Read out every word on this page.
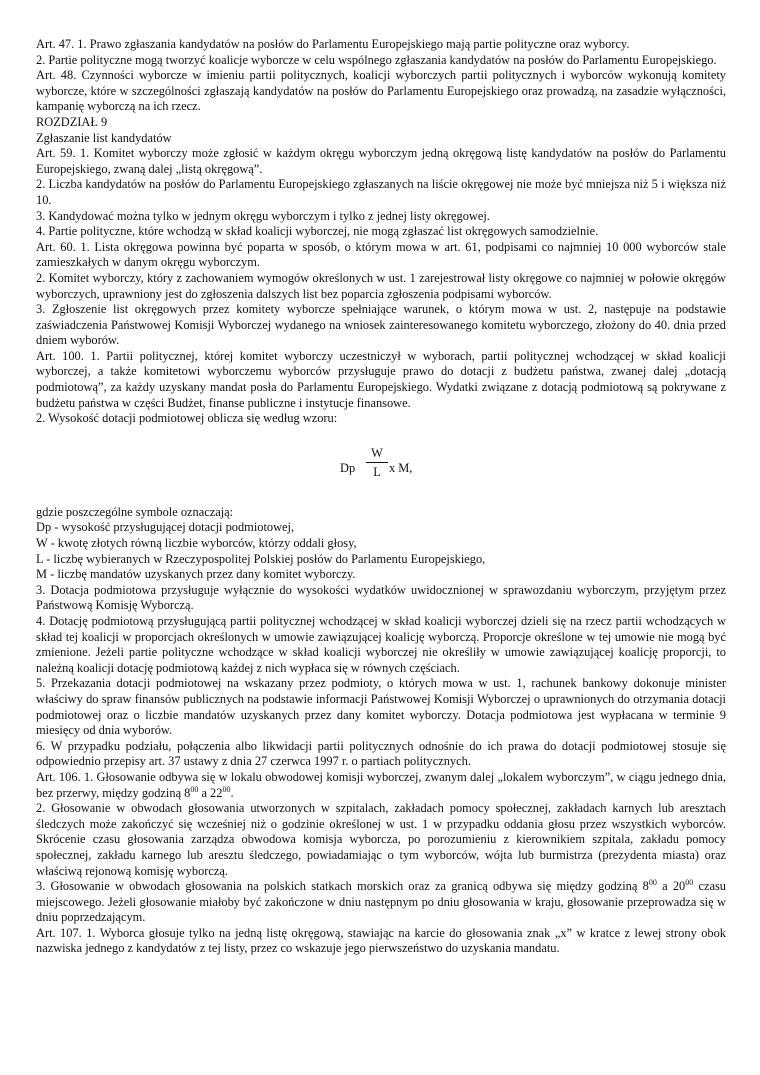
Art. 47. 1. Prawo zgłaszania kandydatów na posłów do Parlamentu Europejskiego mają partie polityczne oraz wyborcy.

2. Partie polityczne mogą tworzyć koalicje wyborcze w celu wspólnego zgłaszania kandydatów na posłów do Parlamentu Europejskiego.

Art. 48. Czynności wyborcze w imieniu partii politycznych, koalicji wyborczych partii politycznych i wyborców wykonują komitety wyborcze, które w szczególności zgłaszają kandydatów na posłów do Parlamentu Europejskiego oraz prowadzą, na zasadzie wyłączności, kampanię wyborczą na ich rzecz.

ROZDZIAŁ 9

Zgłaszanie list kandydatów

Art. 59. 1. Komitet wyborczy może zgłosić w każdym okręgu wyborczym jedną okręgową listę kandydatów na posłów do Parlamentu Europejskiego, zwaną dalej „listą okręgową”.

2. Liczba kandydatów na posłów do Parlamentu Europejskiego zgłaszanych na liście okręgowej nie może być mniejsza niż 5 i większa niż 10.

3. Kandydować można tylko w jednym okręgu wyborczym i tylko z jednej listy okręgowej.

4. Partie polityczne, które wchodzą w skład koalicji wyborczej, nie mogą zgłaszać list okręgowych samodzielnie.

Art. 60. 1. Lista okręgowa powinna być poparta w sposób, o którym mowa w art. 61, podpisami co najmniej 10 000 wyborców stale zamieszkałych w danym okręgu wyborczym.

2. Komitet wyborczy, który z zachowaniem wymogów określonych w ust. 1 zarejestrował listy okręgowe co najmniej w połowie okręgów wyborczych, uprawniony jest do zgłoszenia dalszych list bez poparcia zgłoszenia podpisami wyborców.

3. Zgłoszenie list okręgowych przez komitety wyborcze spełniające warunek, o którym mowa w ust. 2, następuje na podstawie zaświadczenia Państwowej Komisji Wyborczej wydanego na wniosek zainteresowanego komitetu wyborczego, złożony do 40. dnia przed dniem wyborów.

Art. 100. 1. Partii politycznej, której komitet wyborczy uczestniczył w wyborach, partii politycznej wchodzącej w skład koalicji wyborczej, a także komitetowi wyborczemu wyborców przysługuje prawo do dotacji z budżetu państwa, zwanej dalej „dotacją podmiotową”, za każdy uzyskany mandat posła do Parlamentu Europejskiego. Wydatki związane z dotacją podmiotową są pokrywane z budżetu państwa w części Budżet, finanse publiczne i instytucje finansowe.

2. Wysokość dotacji podmiotowej oblicza się według wzoru:

Dp
W
L x M,

gdzie poszczególne symbole oznaczają:

Dp - wysokość przysługującej dotacji podmiotowej,

W - kwotę złotych równą liczbie wyborców, którzy oddali głosy,

L - liczbę wybieranych w Rzeczypospolitej Polskiej posłów do Parlamentu Europejskiego,

M - liczbę mandatów uzyskanych przez dany komitet wyborczy.

3. Dotacja podmiotowa przysługuje wyłącznie do wysokości wydatków uwidocznionej w sprawozdaniu wyborczym, przyjętym przez Państwową Komisję Wyborczą.

4. Dotację podmiotową przysługującą partii politycznej wchodzącej w skład koalicji wyborczej dzieli się na rzecz partii wchodzących w skład tej koalicji w proporcjach określonych w umowie zawiązującej koalicję wyborczą. Proporcje określone w tej umowie nie mogą być zmienione. Jeżeli partie polityczne wchodzące w skład koalicji wyborczej nie określiły w umowie zawiązującej koalicję proporcji, to należną koalicji dotację podmiotową każdej z nich wypłaca się w równych częściach.

5. Przekazania dotacji podmiotowej na wskazany przez podmioty, o których mowa w ust. 1, rachunek bankowy dokonuje minister właściwy do spraw finansów publicznych na podstawie informacji Państwowej Komisji Wyborczej o uprawnionych do otrzymania dotacji podmiotowej oraz o liczbie mandatów uzyskanych przez dany komitet wyborczy. Dotacja podmiotowa jest wypłacana w terminie 9 miesięcy od dnia wyborów.

6. W przypadku podziału, połączenia albo likwidacji partii politycznych odnośnie do ich prawa do dotacji podmiotowej stosuje się odpowiednio przepisy art. 37 ustawy z dnia 27 czerwca 1997 r. o partiach politycznych.

Art. 106. 1. Głosowanie odbywa się w lokalu obwodowej komisji wyborczej, zwanym dalej „lokalem wyborczym”, w ciągu jednego dnia, bez przerwy, między godziną $8^{00}$ a $22^{00}$.

2. Głosowanie w obwodach głosowania utworzonych w szpitalach, zakładach pomocy społecznej, zakładach karnych lub aresztach śledczych może zakończyć się wcześniej niż o godzinie określonej w ust. 1 w przypadku oddania głosu przez wszystkich wyborców. Skrócenie czasu głosowania zarządza obwodowa komisja wyborcza, po porozumieniu z kierownikiem szpitala, zakładu pomocy społecznej, zakładu karnego lub aresztu śledczego, powiadamiając o tym wyborców, wójta lub burmistrza (prezydenta miasta) oraz właściwą rejonową komisję wyborczą.

3. Głosowanie w obwodach głosowania na polskich statkach morskich oraz za granicą odbywa się między godziną $8^{00}$ a $20^{00}$ czasu miejscowego. Jeżeli głosowanie miałoby być zakończone w dniu następnym po dniu głosowania w kraju, głosowanie przeprowadza się w dniu poprzedzającym.

Art. 107. 1. Wyborca głosuje tylko na jedną listę okręgową, stawiając na karcie do głosowania znak „x” w kratce z lewej strony obok nazwiska jednego z kandydatów z tej listy, przez co wskazuje jego pierwszeństwo do uzyskania mandatu.
